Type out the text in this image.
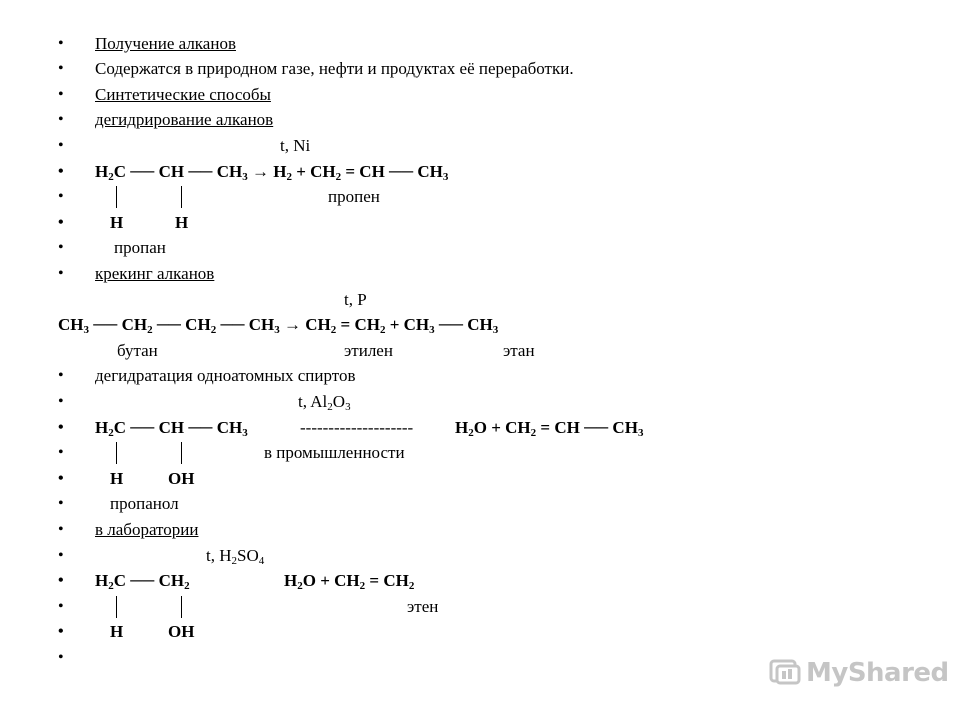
• Получение алканов
• Содержатся в природном газе, нефти и продуктах её переработки.
• Синтетические способы
• дегидрирование алканов
•	t, Ni
• $H_2C$ ── CH ── $CH_3 \to H_2 + CH_2$ = CH ── $CH_3$
•	пропен
•	H	H
•	пропан
• крекинг алканов
t, P
$CH_3$ ── $CH_2$ ── $CH_2$ ── $CH_3 \to CH_2 = CH_2 + CH_3$ ── $CH_3$
бутан	этилен	этан
• дегидратация одноатомных спиртов
•	t, $Al_2O_3$
• $H_2C$ ── CH ── $CH_3$	-------------------- $H_2O + CH_2$ = CH ── $CH_3$
•	в промышленности
•	H	OH
•	пропанол
• в лаборатории
•	t, $H_2SO_4$
• $H_2C$ ── $CH_2$	$H_2O + CH_2 = CH_2$
•	этен
•	H	OH
•
MyShared
